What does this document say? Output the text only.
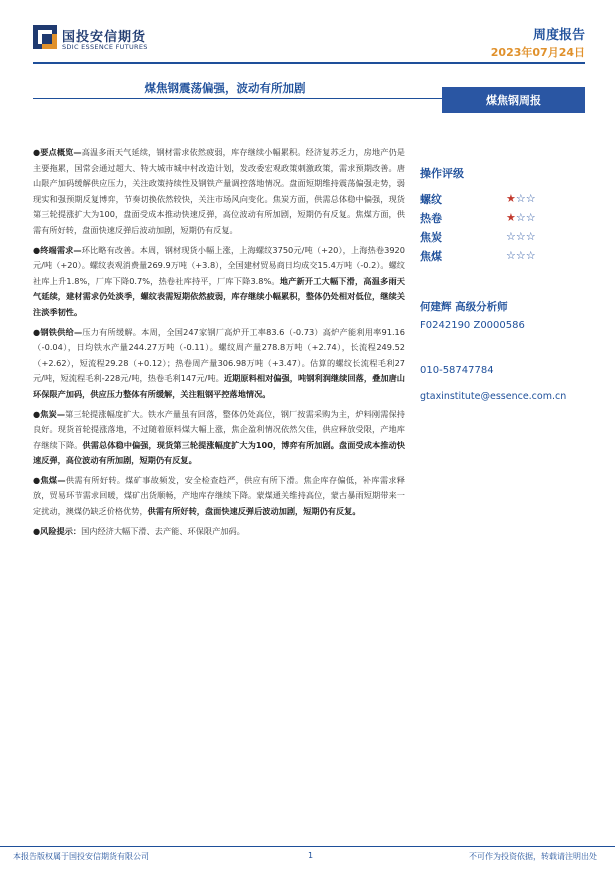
国投安信期货
SDIC ESSENCE FUTURES
周度报告
2023年07月24日
煤焦钢震荡偏强，波动有所加剧
煤焦钢周报

●要点概览—高温多雨天气延续，钢材需求依然疲弱，库存继续小幅累积。经济复苏乏力，房地产仍是主要拖累，国常会通过超大、特大城市城中村改造计划，发改委宏观政策刺激政策，需求预期改善。唐山限产加码缓解供应压力，关注政策持续性及钢铁产量调控落地情况。盘面短期维持震荡偏强走势，弱现实和强预期反复博弈，节奏切换依然较快，关注市场风向变化。焦炭方面，供需总体稳中偏强，现货第三轮提涨扩大为100，盘面受成本推动快速反弹，高位波动有所加剧，短期仍有反复。焦煤方面，供需有所好转，盘面快速反弹后波动加剧，短期仍有反复。

●终端需求—环比略有改善。本周，钢材现货小幅上涨，上海螺纹3750元/吨（+20），上海热卷3920元/吨（+20）。螺纹表观消费量269.9万吨（+3.8），全国建材贸易商日均成交15.4万吨（-0.2）。螺纹社库上升1.8%，厂库下降0.7%，热卷社库持平，厂库下降3.8%。地产新开工大幅下滑，高温多雨天气延续，建材需求仍处淡季，螺纹表需短期依然疲弱，库存继续小幅累积，整体仍处相对低位，继续关注淡季韧性。

●钢铁供给—压力有所缓解。本周，全国247家钢厂高炉开工率83.6（-0.73）高炉产能利用率91.16（-0.04），日均铁水产量244.27万吨（-0.11）。螺纹周产量278.8万吨（+2.74），长流程249.52（+2.62），短流程29.28（+0.12）；热卷周产量306.98万吨（+3.47）。估算的螺纹长流程毛利27元/吨，短流程毛利-228元/吨，热卷毛利147元/吨。近期原料相对偏强，吨钢利润继续回落，叠加唐山环保限产加码，供应压力整体有所缓解，关注粗钢平控落地情况。

●焦炭—第三轮提涨幅度扩大。铁水产量虽有回落，整体仍处高位，钢厂按需采购为主，炉料刚需保持良好。现货首轮提涨落地，不过随着原料煤大幅上涨，焦企盈利情况依然欠佳，供应释放受限，产地库存继续下降。供需总体稳中偏强，现货第三轮提涨幅度扩大为100，博弈有所加剧。盘面受成本推动快速反弹，高位波动有所加剧，短期仍有反复。

●焦煤—供需有所好转。煤矿事故频发，安全检查趋严，供应有所下滑。焦企库存偏低，补库需求释放，贸易环节需求回暖，煤矿出货顺畅，产地库存继续下降。蒙煤通关维持高位，蒙古暴雨短期带来一定扰动，澳煤仍缺乏价格优势，供需有所好转，盘面快速反弹后波动加剧，短期仍有反复。

●风险提示：国内经济大幅下滑、去产能、环保限产加码。

操作评级
螺纹	★☆☆
热卷	★☆☆
焦炭	☆☆☆
焦煤	☆☆☆
何建辉 高级分析师
F0242190 Z0000586
010-58747784
gtaxinstitute@essence.com.cn
本报告版权属于国投安信期货有限公司	1	不可作为投资依据，转载请注明出处
